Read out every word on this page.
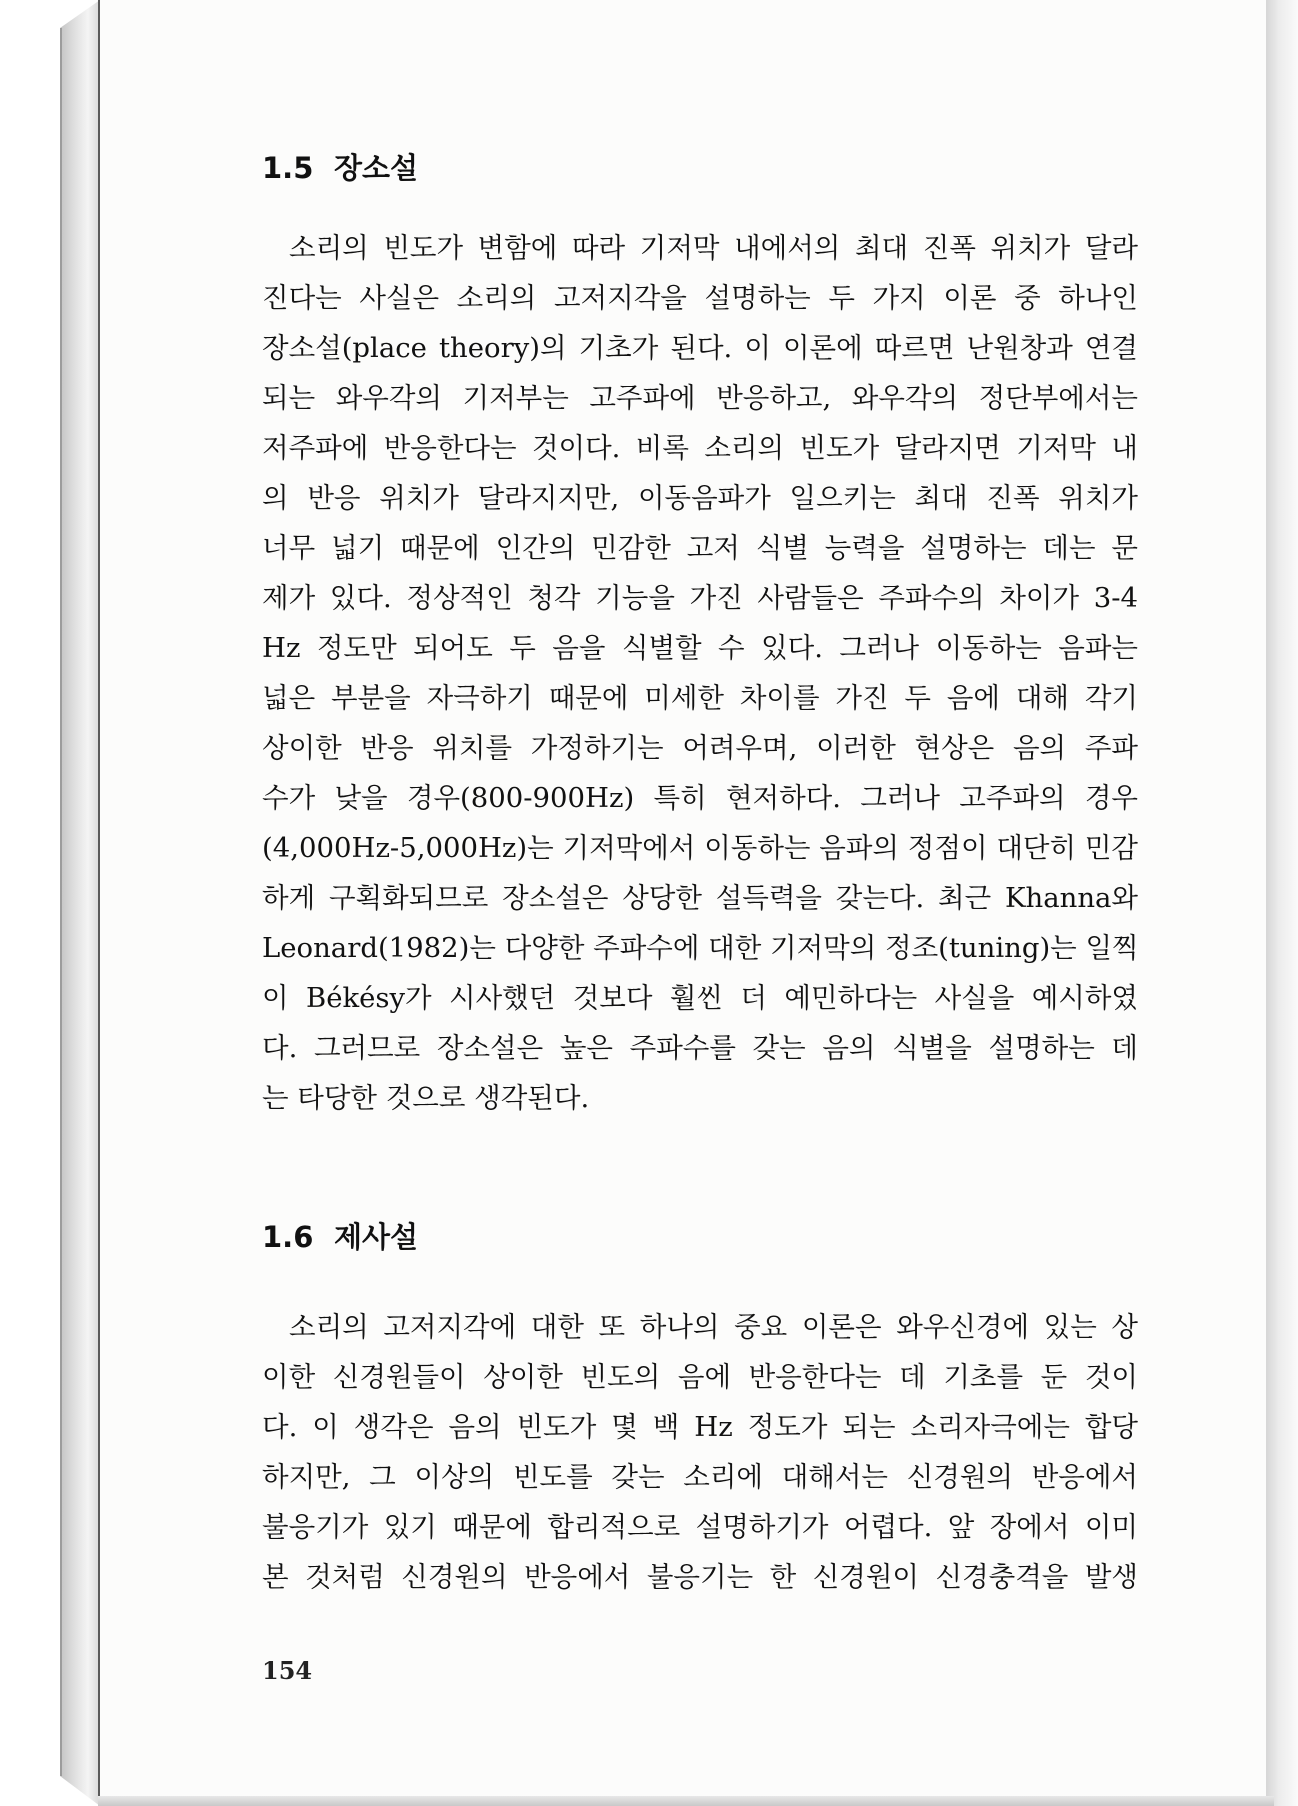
1.5 장소설
소리의 빈도가 변함에 따라 기저막 내에서의 최대 진폭 위치가 달라
진다는 사실은 소리의 고저지각을 설명하는 두 가지 이론 중 하나인
장소설(place theory)의 기초가 된다. 이 이론에 따르면 난원창과 연결
되는 와우각의 기저부는 고주파에 반응하고, 와우각의 정단부에서는
저주파에 반응한다는 것이다. 비록 소리의 빈도가 달라지면 기저막 내
의 반응 위치가 달라지지만, 이동음파가 일으키는 최대 진폭 위치가
너무 넓기 때문에 인간의 민감한 고저 식별 능력을 설명하는 데는 문
제가 있다. 정상적인 청각 기능을 가진 사람들은 주파수의 차이가 3-4
Hz 정도만 되어도 두 음을 식별할 수 있다. 그러나 이동하는 음파는
넓은 부분을 자극하기 때문에 미세한 차이를 가진 두 음에 대해 각기
상이한 반응 위치를 가정하기는 어려우며, 이러한 현상은 음의 주파
수가 낮을 경우(800-900Hz) 특히 현저하다. 그러나 고주파의 경우
(4,000Hz-5,000Hz)는 기저막에서 이동하는 음파의 정점이 대단히 민감
하게 구획화되므로 장소설은 상당한 설득력을 갖는다. 최근 Khanna와
Leonard(1982)는 다양한 주파수에 대한 기저막의 정조(tuning)는 일찍
이 Békésy가 시사했던 것보다 훨씬 더 예민하다는 사실을 예시하였
다. 그러므로 장소설은 높은 주파수를 갖는 음의 식별을 설명하는 데
는 타당한 것으로 생각된다.
1.6 제사설
소리의 고저지각에 대한 또 하나의 중요 이론은 와우신경에 있는 상
이한 신경원들이 상이한 빈도의 음에 반응한다는 데 기초를 둔 것이
다. 이 생각은 음의 빈도가 몇 백 Hz 정도가 되는 소리자극에는 합당
하지만, 그 이상의 빈도를 갖는 소리에 대해서는 신경원의 반응에서
불응기가 있기 때문에 합리적으로 설명하기가 어렵다. 앞 장에서 이미
본 것처럼 신경원의 반응에서 불응기는 한 신경원이 신경충격을 발생
154
